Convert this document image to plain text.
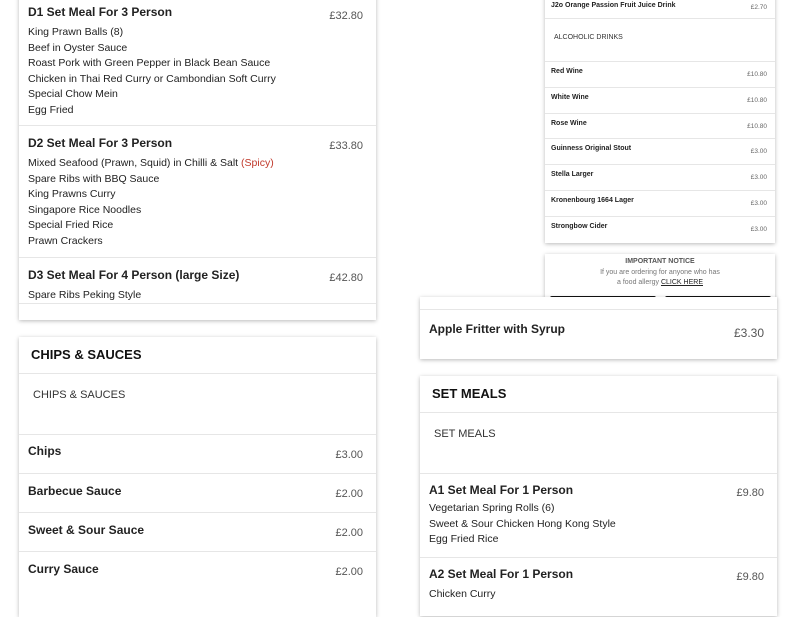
D1 Set Meal For 3 Person	£32.80
King Prawn Balls (8)
Beef in Oyster Sauce
Roast Pork with Green Pepper in Black Bean Sauce
Chicken in Thai Red Curry or Cambondian Soft Curry
Special Chow Mein
Egg Fried
D2 Set Meal For 3 Person	£33.80
Mixed Seafood (Prawn, Squid) in Chilli & Salt (Spicy)
Spare Ribs with BBQ Sauce
King Prawns Curry
Singapore Rice Noodles
Special Fried Rice
Prawn Crackers
D3 Set Meal For 4 Person (large Size)	£42.80
Spare Ribs Peking Style
CHIPS & SAUCES
CHIPS & SAUCES
Chips	£3.00
Barbecue Sauce	£2.00
Sweet & Sour Sauce	£2.00
Curry Sauce	£2.00
J2o Orange Passion Fruit Juice Drink	£2.70
ALCOHOLIC DRINKS
Red Wine	£10.80
White Wine	£10.80
Rose Wine	£10.80
Guinness Original Stout	£3.00
Stella Larger	£3.00
Kronenbourg 1664 Lager	£3.00
Strongbow Cider	£3.00
IMPORTANT NOTICE
If you are ordering for anyone who has
a food allergy CLICK HERE
Apple Fritter with Syrup	£3.30
SET MEALS
SET MEALS
A1 Set Meal For 1 Person	£9.80
Vegetarian Spring Rolls (6)
Sweet & Sour Chicken Hong Kong Style
Egg Fried Rice
A2 Set Meal For 1 Person	£9.80
Chicken Curry
